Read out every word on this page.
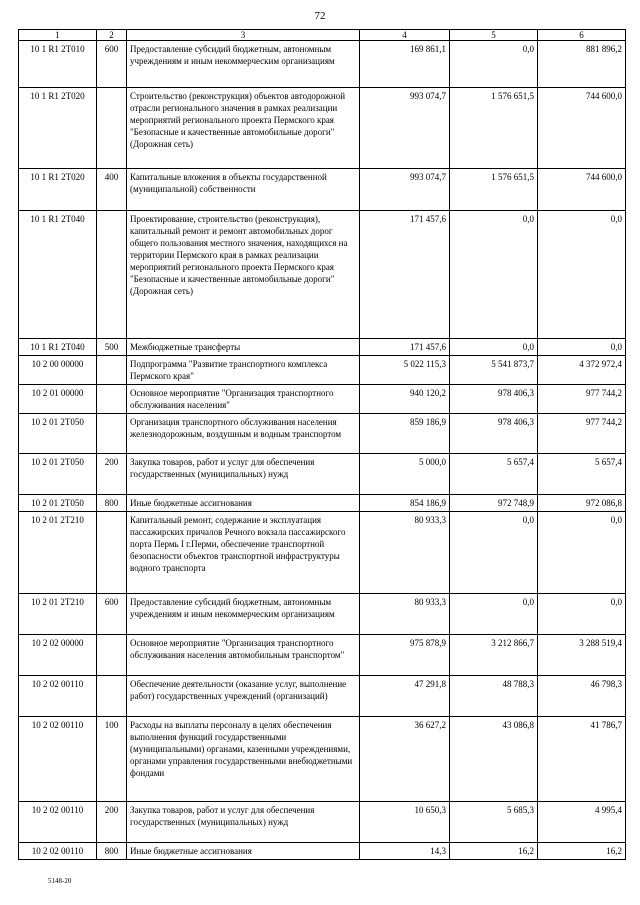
72
1	2	3	4	5	6
10 1 R1 2T010	600	Предоставление субсидий бюджетным, автономным учреждениям и иным некоммерческим организациям	169 861,1	0,0	881 896,2
10 1 R1 2T020		Строительство (реконструкция) объектов автодорожной отрасли регионального значения в рамках реализации мероприятий регионального проекта Пермского края "Безопасные и качественные автомобильные дороги" (Дорожная сеть)	993 074,7	1 576 651,5	744 600,0
10 1 R1 2T020	400	Капитальные вложения в объекты государственной (муниципальной) собственности	993 074,7	1 576 651,5	744 600,0
10 1 R1 2T040		Проектирование, строительство (реконструкция), капитальный ремонт и ремонт автомобильных дорог общего пользования местного значения, находящихся на территории Пермского края в рамках реализации мероприятий регионального проекта Пермского края "Безопасные и качественные автомобильные дороги" (Дорожная сеть)	171 457,6	0,0	0,0
10 1 R1 2T040	500	Межбюджетные трансферты	171 457,6	0,0	0,0
10 2 00 00000		Подпрограмма "Развитие транспортного комплекса Пермского края"	5 022 115,3	5 541 873,7	4 372 972,4
10 2 01 00000		Основное мероприятие "Организация транспортного обслуживания населения"	940 120,2	978 406,3	977 744,2
10 2 01 2T050		Организация транспортного обслуживания населения железнодорожным, воздушным и водным транспортом	859 186,9	978 406,3	977 744,2
10 2 01 2T050	200	Закупка товаров, работ и услуг для обеспечения государственных (муниципальных) нужд	5 000,0	5 657,4	5 657,4
10 2 01 2T050	800	Иные бюджетные ассигнования	854 186,9	972 748,9	972 086,8
10 2 01 2T210		Капитальный ремонт, содержание и эксплуатация пассажирских причалов Речного вокзала пассажирского порта Пермь I г.Перми, обеспечение транспортной безопасности объектов транспортной инфраструктуры водного транспорта	80 933,3	0,0	0,0
10 2 01 2T210	600	Предоставление субсидий бюджетным, автономным учреждениям и иным некоммерческим организациям	80 933,3	0,0	0,0
10 2 02 00000		Основное мероприятие "Организация транспортного обслуживания населения автомобильным транспортом"	975 878,9	3 212 866,7	3 288 519,4
10 2 02 00110		Обеспечение деятельности (оказание услуг, выполнение работ) государственных учреждений (организаций)	47 291,8	48 788,3	46 798,3
10 2 02 00110	100	Расходы на выплаты персоналу в целях обеспечения выполнения функций государственными (муниципальными) органами, казенными учреждениями, органами управления государственными внебюджетными фондами	36 627,2	43 086,8	41 786,7
10 2 02 00110	200	Закупка товаров, работ и услуг для обеспечения государственных (муниципальных) нужд	10 650,3	5 685,3	4 995,4
10 2 02 00110	800	Иные бюджетные ассигнования	14,3	16,2	16,2
5148-20
